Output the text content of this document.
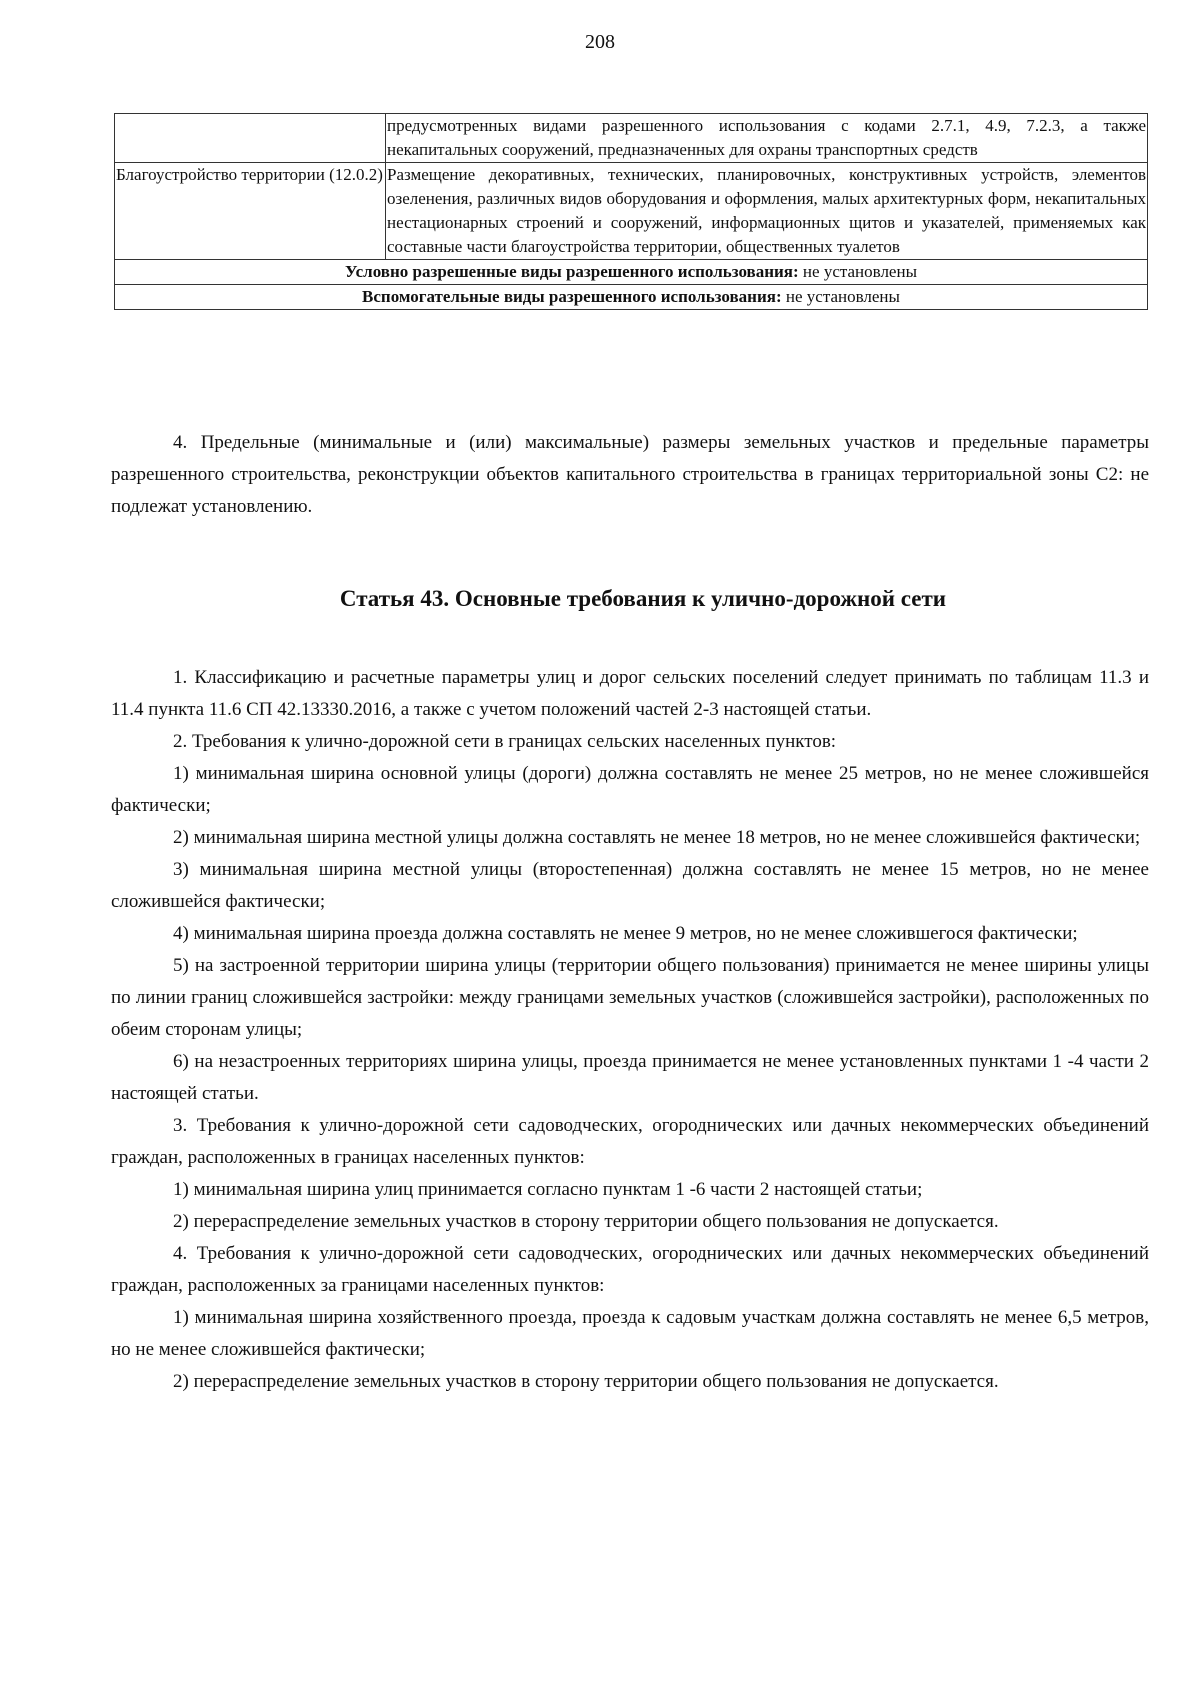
208
	предусмотренных видами разрешенного использования с кодами 2.7.1, 4.9, 7.2.3, а также некапитальных сооружений, предназначенных для охраны транспортных средств
Благоустройство территории (12.0.2)	Размещение декоративных, технических, планировочных, конструктивных устройств, элементов озеленения, различных видов оборудования и оформления, малых архитектурных форм, некапитальных нестационарных строений и сооружений, информационных щитов и указателей, применяемых как составные части благоустройства территории, общественных туалетов
Условно разрешенные виды разрешенного использования: не установлены	
Вспомогательные виды разрешенного использования: не установлены	

4. Предельные (минимальные и (или) максимальные) размеры земельных участков и предельные параметры разрешенного строительства, реконструкции объектов капитального строительства в границах территориальной зоны С2: не подлежат установлению.

Статья 43. Основные требования к улично-дорожной сети

1. Классификацию и расчетные параметры улиц и дорог сельских поселений следует принимать по таблицам 11.3 и 11.4 пункта 11.6 СП 42.13330.2016, а также с учетом положений частей 2-3 настоящей статьи.

2. Требования к улично-дорожной сети в границах сельских населенных пунктов:

1) минимальная ширина основной улицы (дороги) должна составлять не менее 25 метров, но не менее сложившейся фактически;

2) минимальная ширина местной улицы должна составлять не менее 18 метров, но не менее сложившейся фактически;

3) минимальная ширина местной улицы (второстепенная) должна составлять не менее 15 метров, но не менее сложившейся фактически;

4) минимальная ширина проезда должна составлять не менее 9 метров, но не менее сложившегося фактически;

5) на застроенной территории ширина улицы (территории общего пользования) принимается не менее ширины улицы по линии границ сложившейся застройки: между границами земельных участков (сложившейся застройки), расположенных по обеим сторонам улицы;

6) на незастроенных территориях ширина улицы, проезда принимается не менее установленных пунктами 1 -4 части 2 настоящей статьи.

3. Требования к улично-дорожной сети садоводческих, огороднических или дачных некоммерческих объединений граждан, расположенных в границах населенных пунктов:

1) минимальная ширина улиц принимается согласно пунктам 1 -6 части 2 настоящей статьи;

2) перераспределение земельных участков в сторону территории общего пользования не допускается.

4. Требования к улично-дорожной сети садоводческих, огороднических или дачных некоммерческих объединений граждан, расположенных за границами населенных пунктов:

1) минимальная ширина хозяйственного проезда, проезда к садовым участкам должна составлять не менее 6,5 метров, но не менее сложившейся фактически;

2) перераспределение земельных участков в сторону территории общего пользования не допускается.
